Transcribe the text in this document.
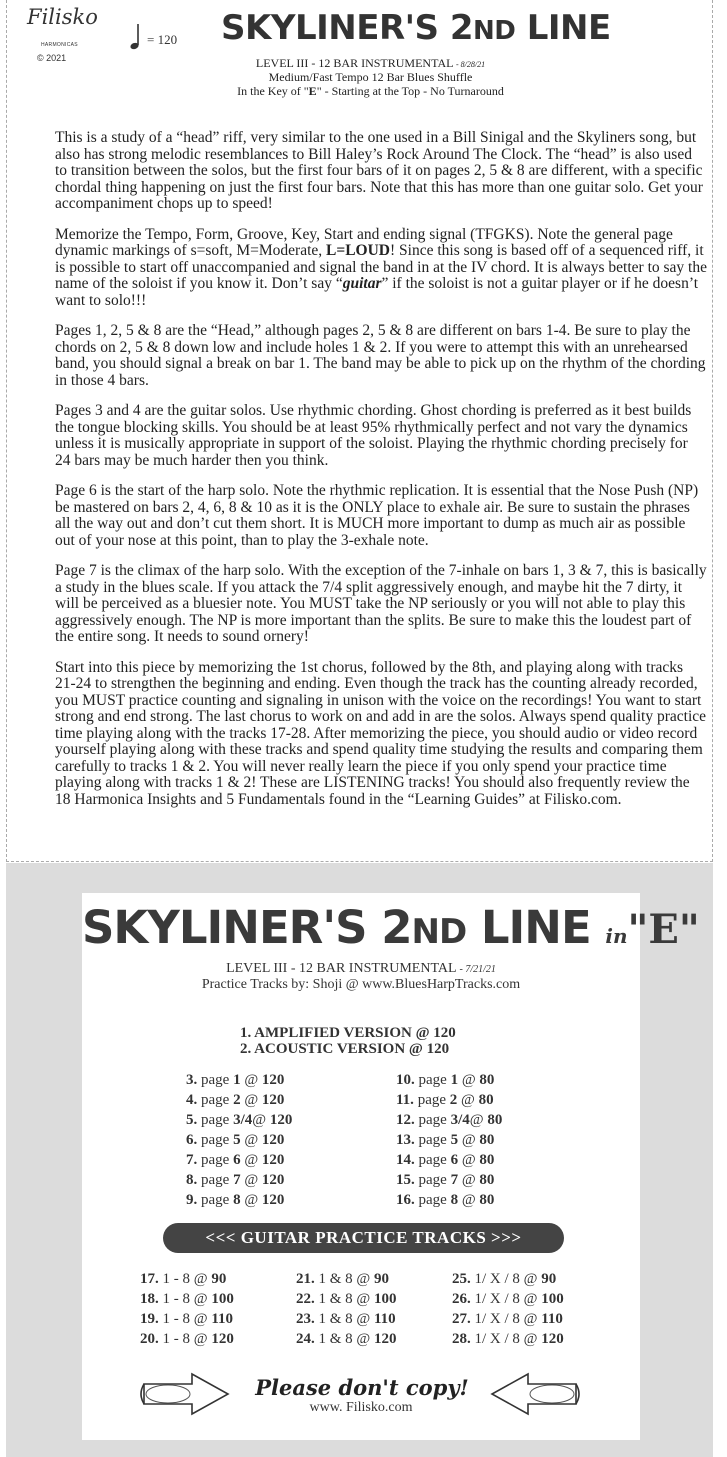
Filisko
HARMONICAS
© 2021
= 120 SKYLINER'S 2ND LINE
LEVEL III - 12 BAR INSTRUMENTAL - 8/28/21
Medium/Fast Tempo 12 Bar Blues Shuffle
In the Key of "E" - Starting at the Top - No Turnaround

This is a study of a “head” riff, very similar to the one used in a Bill Sinigal and the Skyliners song, but also has strong melodic resemblances to Bill Haley’s Rock Around The Clock. The “head” is also used to transition between the solos, but the first four bars of it on pages 2, 5 & 8 are different, with a specific chordal thing happening on just the first four bars. Note that this has more than one guitar solo. Get your accompaniment chops up to speed!

Memorize the Tempo, Form, Groove, Key, Start and ending signal (TFGKS). Note the general page dynamic markings of s=soft, M=Moderate, L=LOUD! Since this song is based off of a sequenced riff, it is possible to start off unaccompanied and signal the band in at the IV chord. It is always better to say the name of the soloist if you know it. Don’t say “guitar” if the soloist is not a guitar player or if he doesn’t want to solo!!!

Pages 1, 2, 5 & 8 are the “Head,” although pages 2, 5 & 8 are different on bars 1-4. Be sure to play the chords on 2, 5 & 8 down low and include holes 1 & 2. If you were to attempt this with an unrehearsed band, you should signal a break on bar 1. The band may be able to pick up on the rhythm of the chording in those 4 bars.

Pages 3 and 4 are the guitar solos. Use rhythmic chording. Ghost chording is preferred as it best builds the tongue blocking skills. You should be at least 95% rhythmically perfect and not vary the dynamics unless it is musically appropriate in support of the soloist. Playing the rhythmic chording precisely for 24 bars may be much harder then you think.

Page 6 is the start of the harp solo. Note the rhythmic replication. It is essential that the Nose Push (NP) be mastered on bars 2, 4, 6, 8 & 10 as it is the ONLY place to exhale air. Be sure to sustain the phrases all the way out and don’t cut them short. It is MUCH more important to dump as much air as possible out of your nose at this point, than to play the 3-exhale note.

Page 7 is the climax of the harp solo. With the exception of the 7-inhale on bars 1, 3 & 7, this is basically a study in the blues scale. If you attack the 7/4 split aggressively enough, and maybe hit the 7 dirty, it will be perceived as a bluesier note. You MUST take the NP seriously or you will not able to play this aggressively enough. The NP is more important than the splits. Be sure to make this the loudest part of the entire song. It needs to sound ornery!

Start into this piece by memorizing the 1st chorus, followed by the 8th, and playing along with tracks 21-24 to strengthen the beginning and ending. Even though the track has the counting already recorded, you MUST practice counting and signaling in unison with the voice on the recordings! You want to start strong and end strong. The last chorus to work on and add in are the solos. Always spend quality practice time playing along with the tracks 17-28. After memorizing the piece, you should audio or video record yourself playing along with these tracks and spend quality time studying the results and comparing them carefully to tracks 1 & 2. You will never really learn the piece if you only spend your practice time playing along with tracks 1 & 2! These are LISTENING tracks! You should also frequently review the 18 Harmonica Insights and 5 Fundamentals found in the “Learning Guides” at Filisko.com.

SKYLINER'S 2ND LINE in"E"
LEVEL III - 12 BAR INSTRUMENTAL - 7/21/21
Practice Tracks by: Shoji @ www.BluesHarpTracks.com
1. AMPLIFIED VERSION @ 120
2. ACOUSTIC VERSION @ 120
3. page 1 @ 120
4. page 2 @ 120
5. page 3/4@ 120
6. page 5 @ 120
7. page 6 @ 120
8. page 7 @ 120
9. page 8 @ 120
10. page 1 @ 80
11. page 2 @ 80
12. page 3/4@ 80
13. page 5 @ 80
14. page 6 @ 80
15. page 7 @ 80
16. page 8 @ 80
<<< GUITAR PRACTICE TRACKS >>>
17. 1 - 8 @ 90
18. 1 - 8 @ 100
19. 1 - 8 @ 110
20. 1 - 8 @ 120
21. 1 & 8 @ 90
22. 1 & 8 @ 100
23. 1 & 8 @ 110
24. 1 & 8 @ 120
25. 1/ X / 8 @ 90
26. 1/ X / 8 @ 100
27. 1/ X / 8 @ 110
28. 1/ X / 8 @ 120
Please don't copy!
www. Filisko.com
